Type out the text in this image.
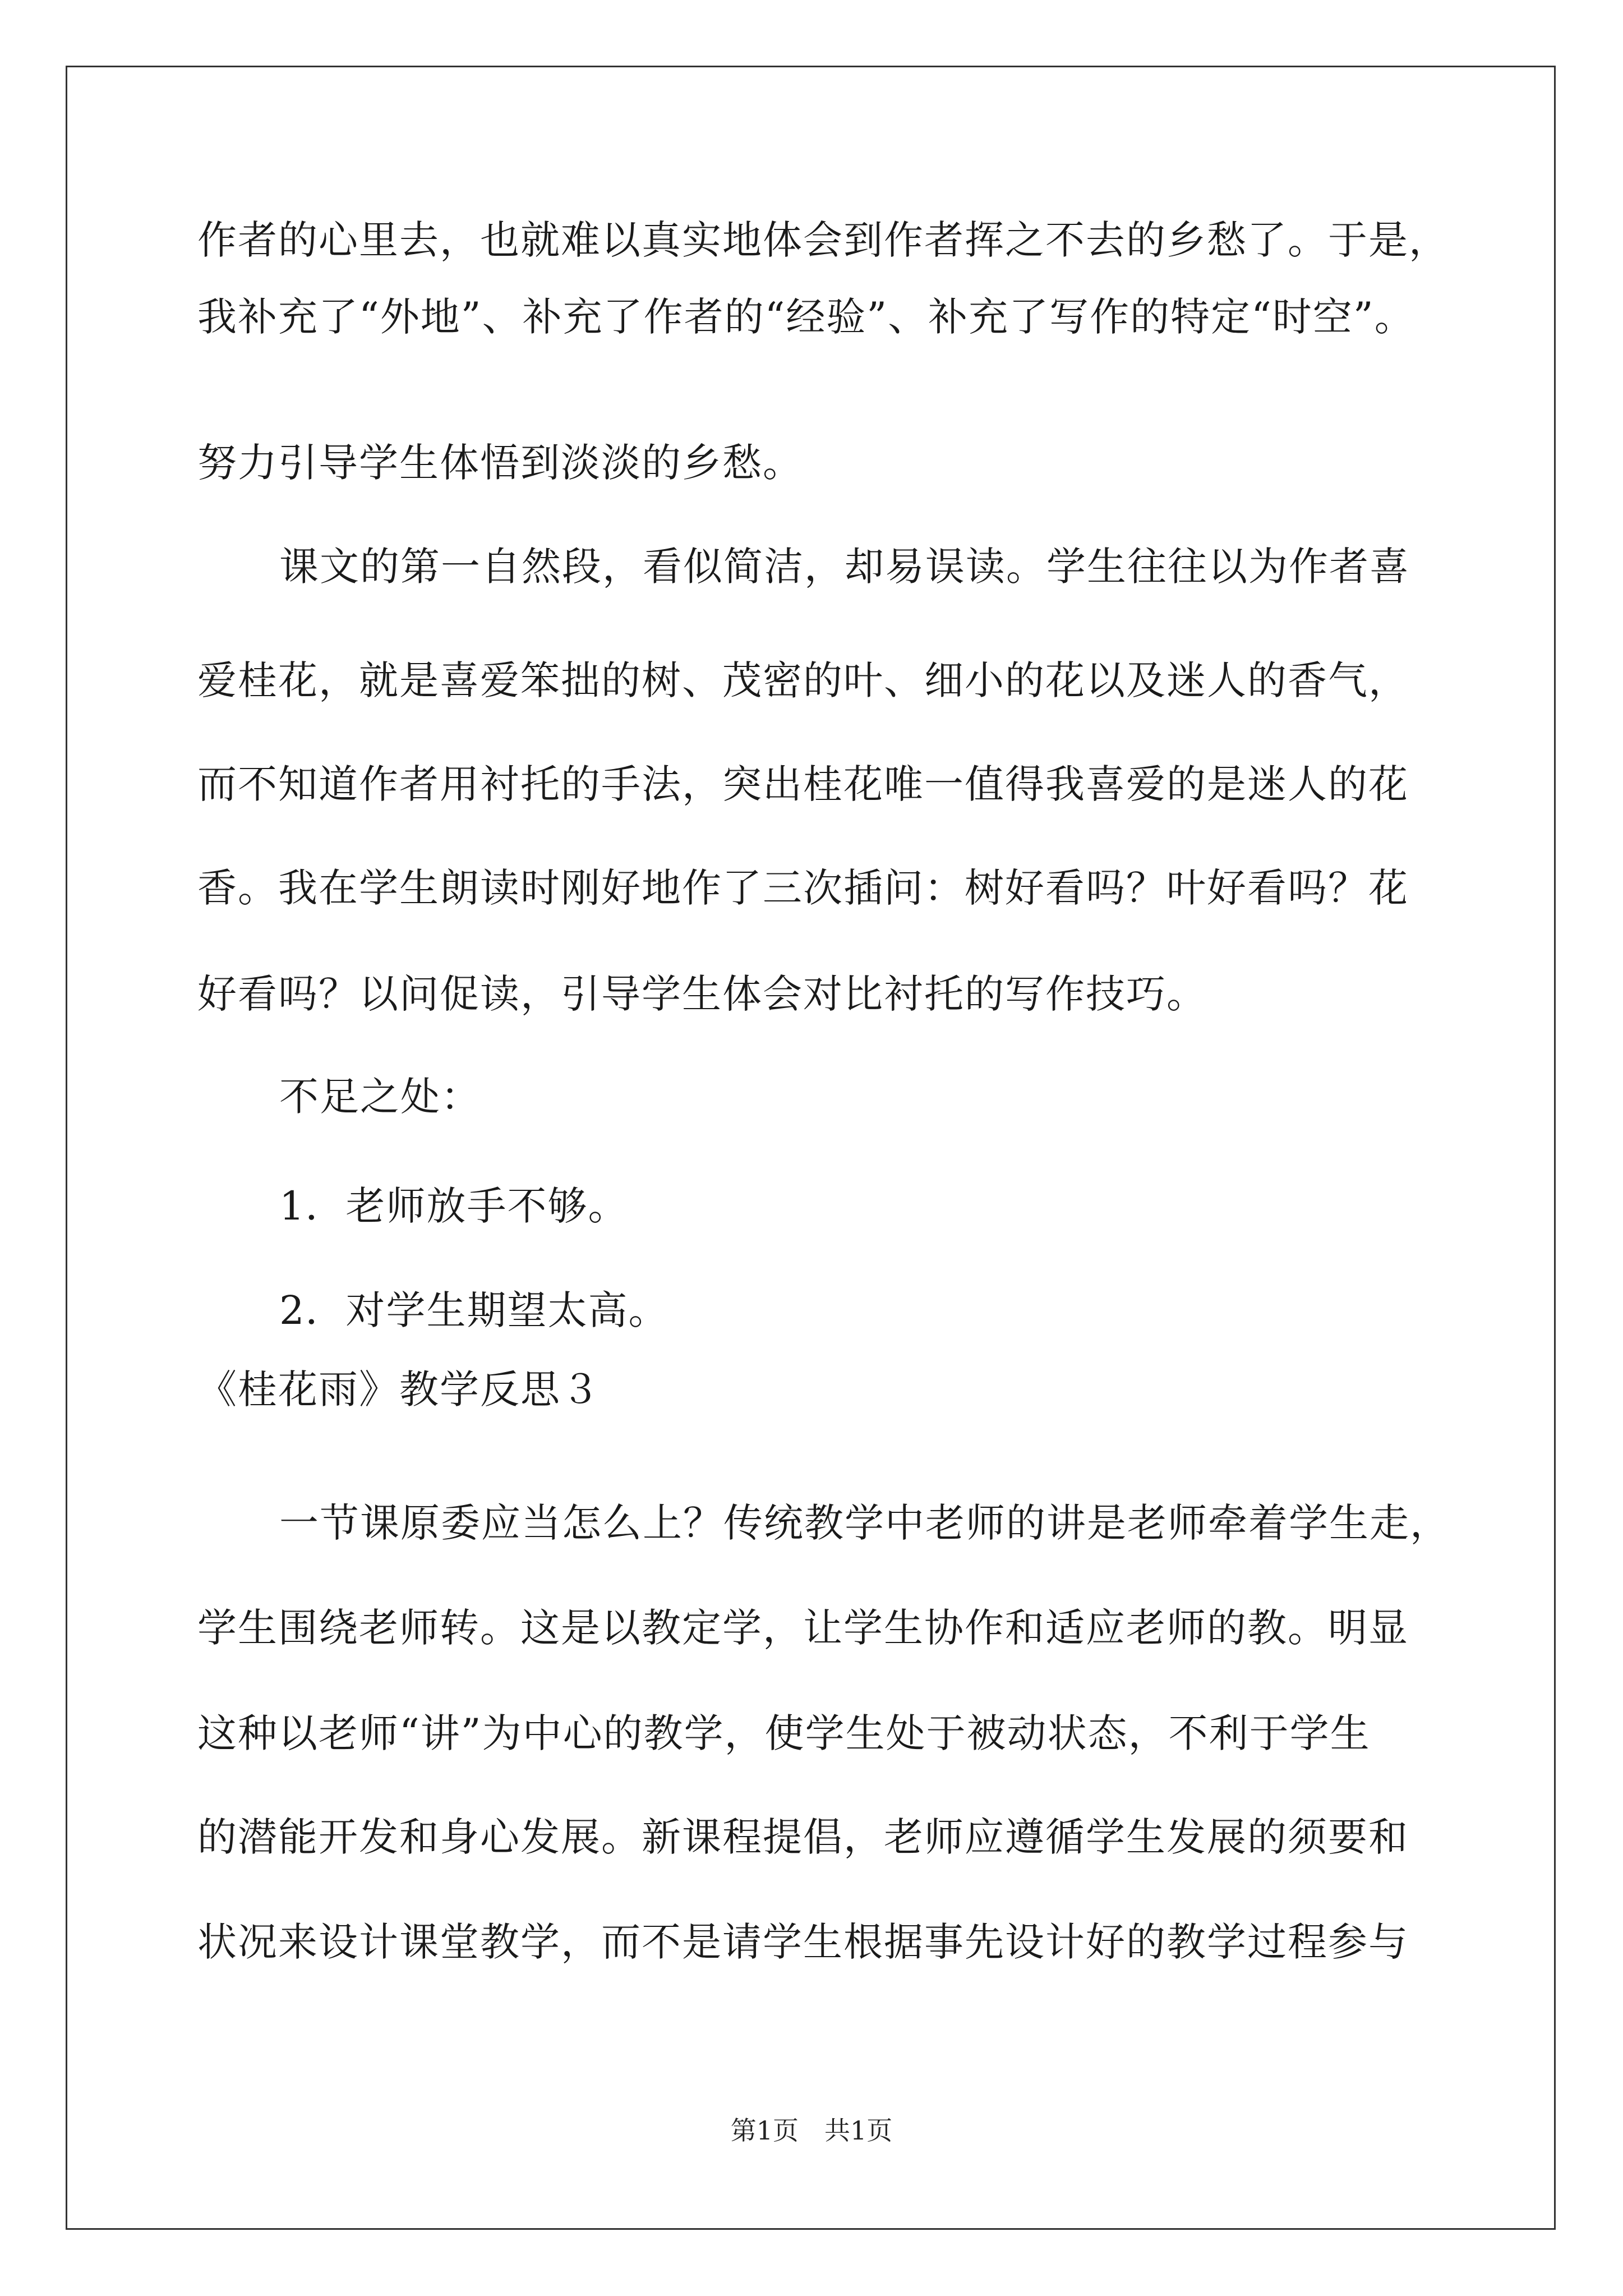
作者的心里去，也就难以真实地体会到作者挥之不去的乡愁了。于是，
我补充了“外地”、补充了作者的“经验”、补充了写作的特定“时空”。
努力引导学生体悟到淡淡的乡愁。
课文的第一自然段，看似简洁，却易误读。学生往往以为作者喜
爱桂花，就是喜爱笨拙的树、茂密的叶、细小的花以及迷人的香气，
而不知道作者用衬托的手法，突出桂花唯一值得我喜爱的是迷人的花
香。我在学生朗读时刚好地作了三次插问：树好看吗？叶好看吗？花
好看吗？以问促读，引导学生体会对比衬托的写作技巧。
不足之处：
1．老师放手不够。
2．对学生期望太高。
《桂花雨》教学反思３
一节课原委应当怎么上？传统教学中老师的讲是老师牵着学生走，
学生围绕老师转。这是以教定学，让学生协作和适应老师的教。明显
这种以老师“讲”为中心的教学，使学生处于被动状态，不利于学生
的潜能开发和身心发展。新课程提倡，老师应遵循学生发展的须要和
状况来设计课堂教学，而不是请学生根据事先设计好的教学过程参与
第1页　共1页
